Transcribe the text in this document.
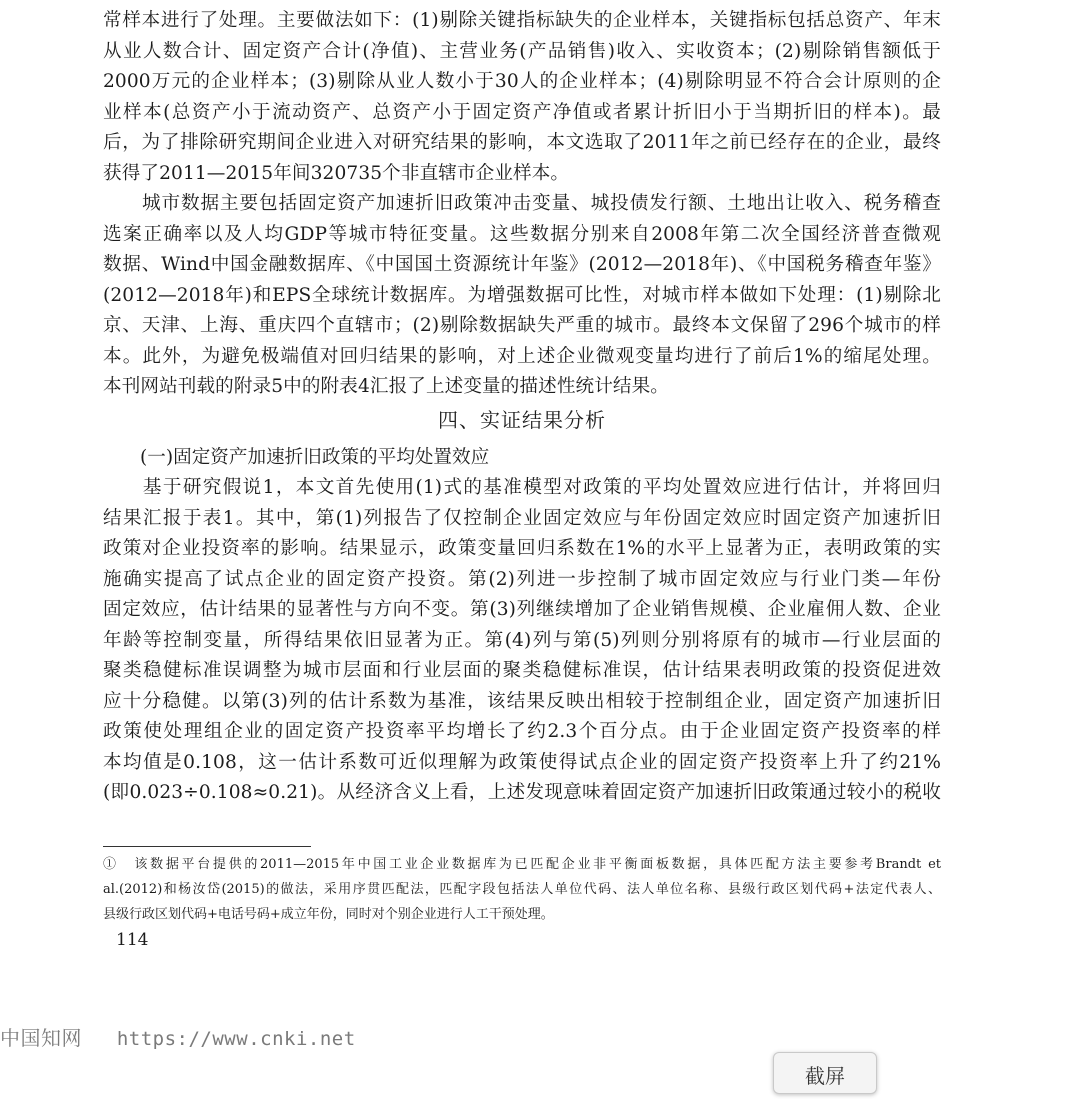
常样本进行了处理。主要做法如下：(1)剔除关键指标缺失的企业样本，关键指标包括总资产、年末
从业人数合计、固定资产合计(净值)、主营业务(产品销售)收入、实收资本；(2)剔除销售额低于
2000万元的企业样本；(3)剔除从业人数小于30人的企业样本；(4)剔除明显不符合会计原则的企
业样本(总资产小于流动资产、总资产小于固定资产净值或者累计折旧小于当期折旧的样本)。最
后，为了排除研究期间企业进入对研究结果的影响，本文选取了2011年之前已经存在的企业，最终
获得了2011—2015年间320735个非直辖市企业样本。
　　城市数据主要包括固定资产加速折旧政策冲击变量、城投债发行额、土地出让收入、税务稽查
选案正确率以及人均GDP等城市特征变量。这些数据分别来自2008年第二次全国经济普查微观
数据、Wind中国金融数据库、《中国国土资源统计年鉴》(2012—2018年)、《中国税务稽查年鉴》
(2012—2018年)和EPS全球统计数据库。为增强数据可比性，对城市样本做如下处理：(1)剔除北
京、天津、上海、重庆四个直辖市；(2)剔除数据缺失严重的城市。最终本文保留了296个城市的样
本。此外，为避免极端值对回归结果的影响，对上述企业微观变量均进行了前后1%的缩尾处理。
本刊网站刊载的附录5中的附表4汇报了上述变量的描述性统计结果。
四、实证结果分析
(一)固定资产加速折旧政策的平均处置效应
　　基于研究假说1，本文首先使用(1)式的基准模型对政策的平均处置效应进行估计，并将回归
结果汇报于表1。其中，第(1)列报告了仅控制企业固定效应与年份固定效应时固定资产加速折旧
政策对企业投资率的影响。结果显示，政策变量回归系数在1%的水平上显著为正，表明政策的实
施确实提高了试点企业的固定资产投资。第(2)列进一步控制了城市固定效应与行业门类—年份
固定效应，估计结果的显著性与方向不变。第(3)列继续增加了企业销售规模、企业雇佣人数、企业
年龄等控制变量，所得结果依旧显著为正。第(4)列与第(5)列则分别将原有的城市—行业层面的
聚类稳健标准误调整为城市层面和行业层面的聚类稳健标准误，估计结果表明政策的投资促进效
应十分稳健。以第(3)列的估计系数为基准，该结果反映出相较于控制组企业，固定资产加速折旧
政策使处理组企业的固定资产投资率平均增长了约2.3个百分点。由于企业固定资产投资率的样
本均值是0.108，这一估计系数可近似理解为政策使得试点企业的固定资产投资率上升了约21%
(即0.023÷0.108≈0.21)。从经济含义上看，上述发现意味着固定资产加速折旧政策通过较小的税收
①　该数据平台提供的2011—2015年中国工业企业数据库为已匹配企业非平衡面板数据，具体匹配方法主要参考Brandt et
al.(2012)和杨汝岱(2015)的做法，采用序贯匹配法，匹配字段包括法人单位代码、法人单位名称、县级行政区划代码+法定代表人、
县级行政区划代码+电话号码+成立年份，同时对个别企业进行人工干预处理。
114
中国知网 https://www.cnki.net
截屏
